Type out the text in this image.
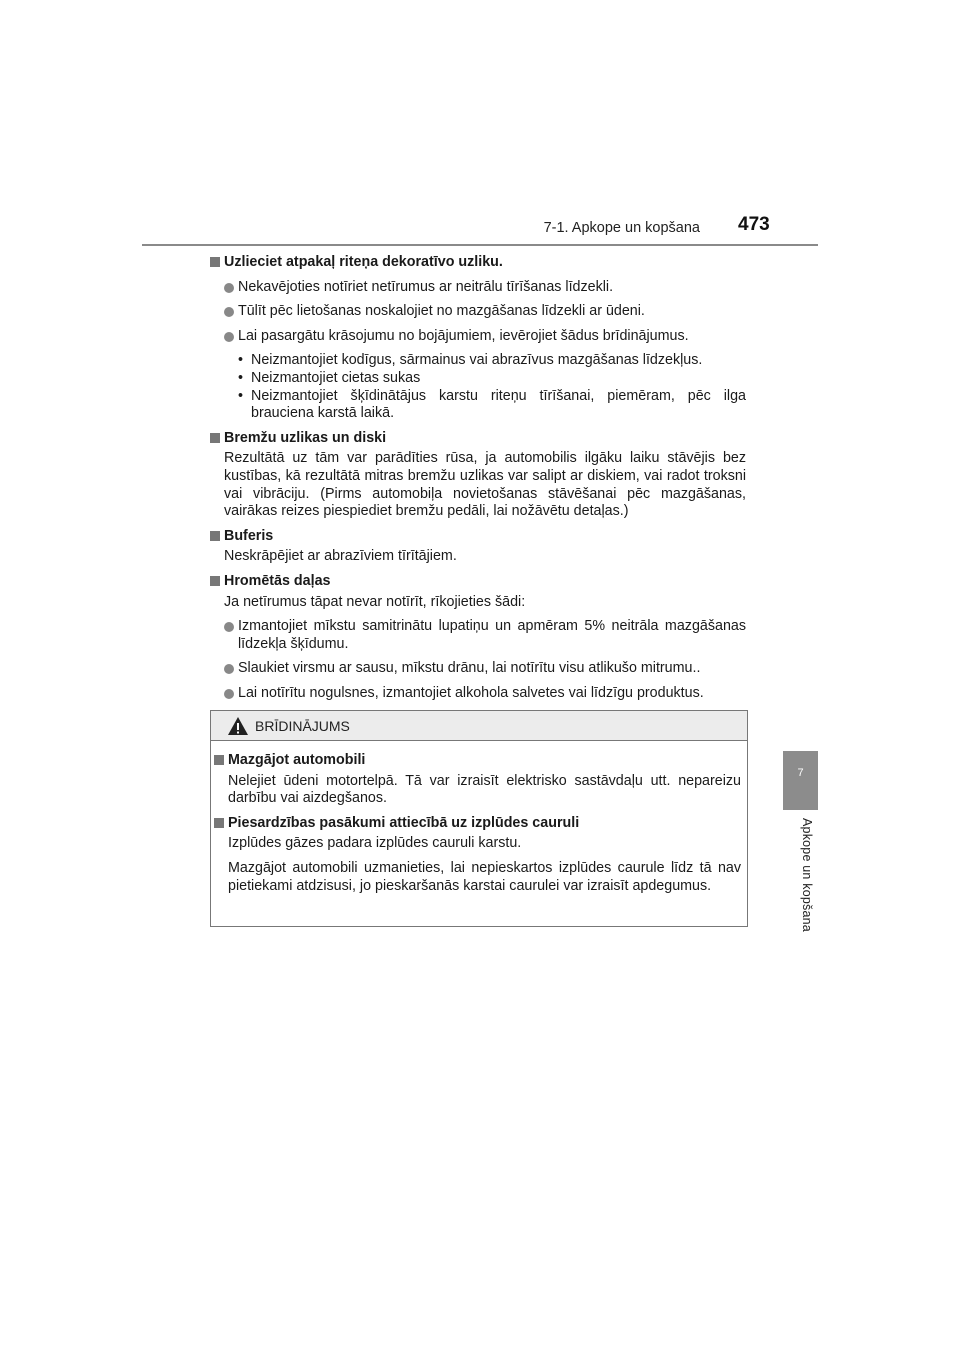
7-1. Apkope un kopšana 473
7
Apkope un kopšana
Uzlieciet atpakaļ riteņa dekoratīvo uzliku.
Nekavējoties notīriet netīrumus ar neitrālu tīrīšanas līdzekli.
Tūlīt pēc lietošanas noskalojiet no mazgāšanas līdzekli ar ūdeni.
Lai pasargātu krāsojumu no bojājumiem, ievērojiet šādus brīdinājumus.
• Neizmantojiet kodīgus, sārmainus vai abrazīvus mazgāšanas līdzekļus.
• Neizmantojiet cietas sukas
• Neizmantojiet šķīdinātājus karstu riteņu tīrīšanai, piemēram, pēc ilga brauciena karstā laikā.
Bremžu uzlikas un diski
Rezultātā uz tām var parādīties rūsa, ja automobilis ilgāku laiku stāvējis bez kustības, kā rezultātā mitras bremžu uzlikas var salipt ar diskiem, vai radot troksni vai vibrāciju. (Pirms automobiļa novietošanas stāvēšanai pēc mazgāšanas, vairākas reizes piespiediet bremžu pedāli, lai nožāvētu detaļas.)
Buferis
Neskrāpējiet ar abrazīviem tīrītājiem.
Hromētās daļas
Ja netīrumus tāpat nevar notīrīt, rīkojieties šādi:
Izmantojiet mīkstu samitrinātu lupatiņu un apmēram 5% neitrāla mazgāšanas līdzekļa šķīdumu.
Slaukiet virsmu ar sausu, mīkstu drānu, lai notīrītu visu atlikušo mitrumu..
Lai notīrītu nogulsnes, izmantojiet alkohola salvetes vai līdzīgu produktus.
BRĪDINĀJUMS
Mazgājot automobili
Nelejiet ūdeni motortelpā. Tā var izraisīt elektrisko sastāvdaļu utt. nepareizu darbību vai aizdegšanos.
Piesardzības pasākumi attiecībā uz izplūdes cauruli
Izplūdes gāzes padara izplūdes cauruli karstu.
Mazgājot automobili uzmanieties, lai nepieskartos izplūdes caurule līdz tā nav pietiekami atdzisusi, jo pieskaršanās karstai caurulei var izraisīt apdegumus.
